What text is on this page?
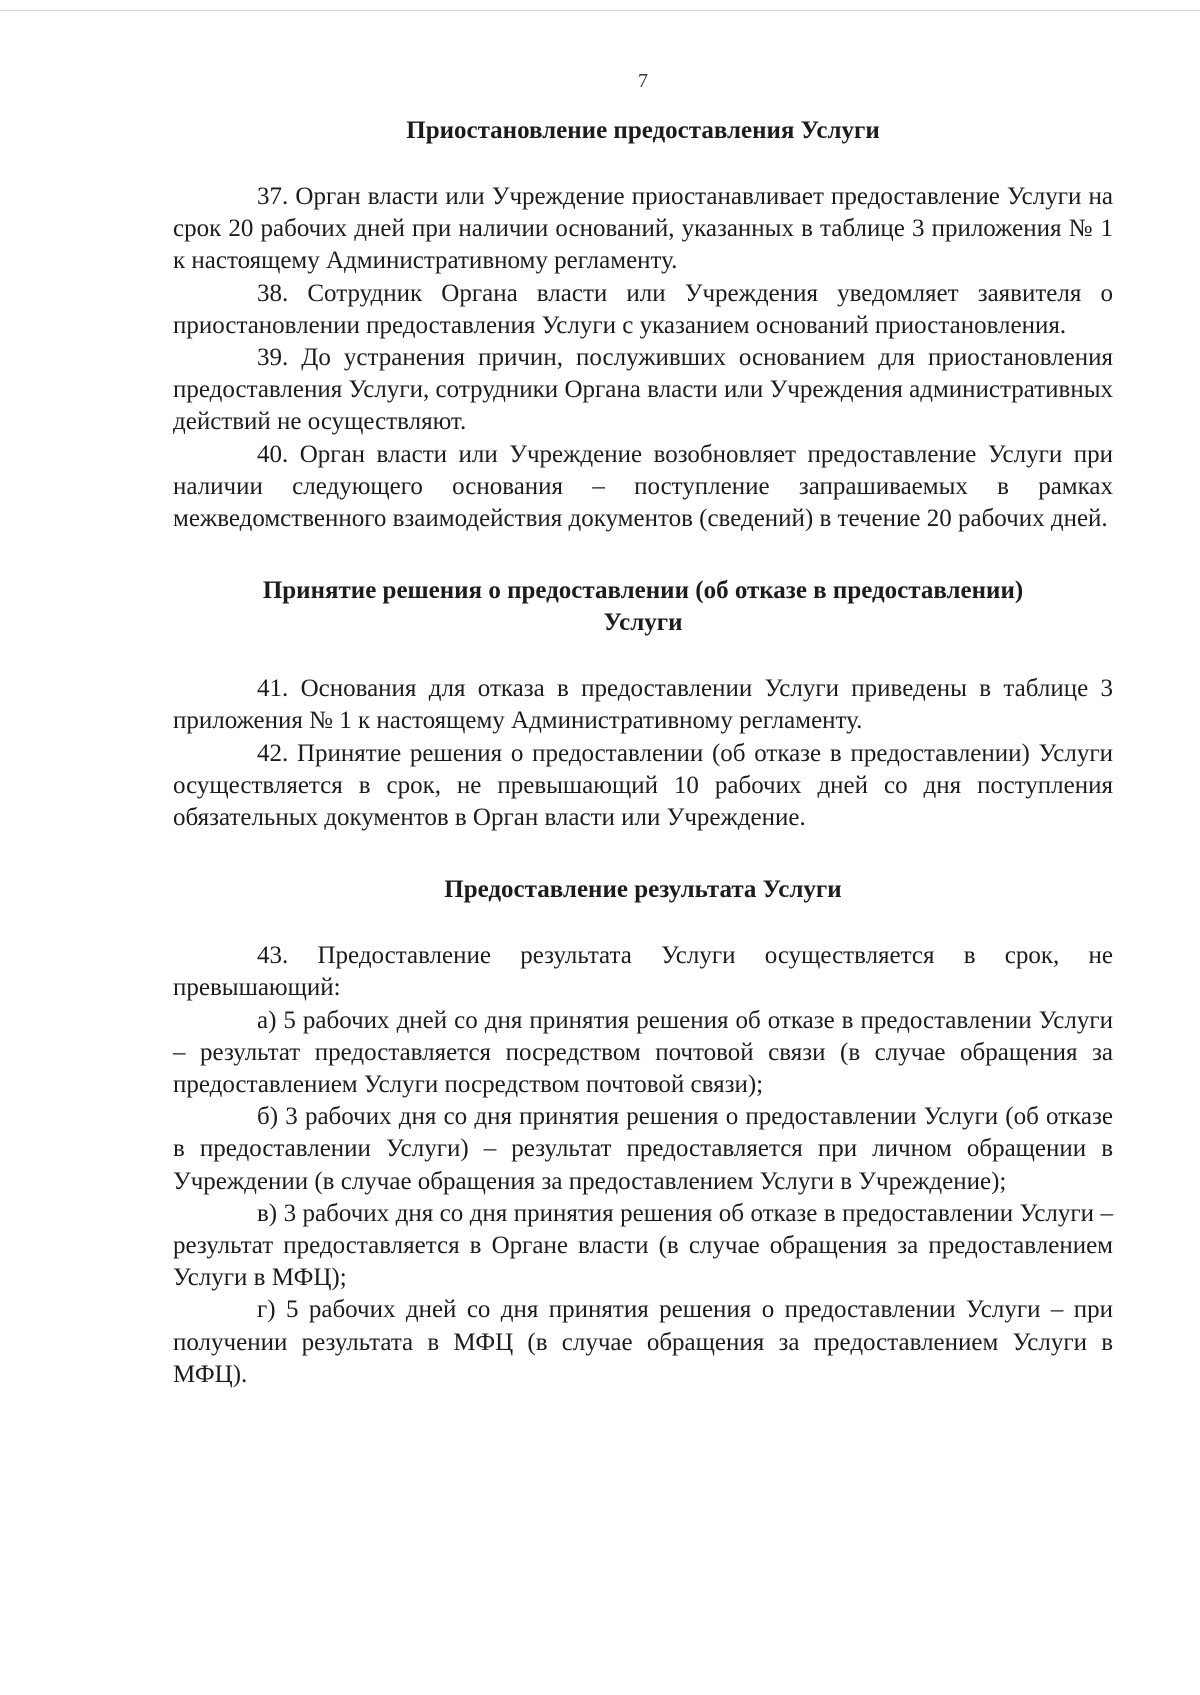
7
Приостановление предоставления Услуги

37. Орган власти или Учреждение приостанавливает предоставление Услуги на срок 20 рабочих дней при наличии оснований, указанных в таблице 3 приложения № 1 к настоящему Административному регламенту.

38. Сотрудник Органа власти или Учреждения уведомляет заявителя о приостановлении предоставления Услуги с указанием оснований приостановления.

39. До устранения причин, послуживших основанием для приостановления предоставления Услуги, сотрудники Органа власти или Учреждения административных действий не осуществляют.

40. Орган власти или Учреждение возобновляет предоставление Услуги при наличии следующего основания – поступление запрашиваемых в рамках межведомственного взаимодействия документов (сведений) в течение 20 рабочих дней.

Принятие решения о предоставлении (об отказе в предоставлении)
Услуги

41. Основания для отказа в предоставлении Услуги приведены в таблице 3 приложения № 1 к настоящему Административному регламенту.

42. Принятие решения о предоставлении (об отказе в предоставлении) Услуги осуществляется в срок, не превышающий 10 рабочих дней со дня поступления обязательных документов в Орган власти или Учреждение.

Предоставление результата Услуги

43. Предоставление результата Услуги осуществляется в срок, не превышающий:

а) 5 рабочих дней со дня принятия решения об отказе в предоставлении Услуги – результат предоставляется посредством почтовой связи (в случае обращения за предоставлением Услуги посредством почтовой связи);

б) 3 рабочих дня со дня принятия решения о предоставлении Услуги (об отказе в предоставлении Услуги) – результат предоставляется при личном обращении в Учреждении (в случае обращения за предоставлением Услуги в Учреждение);

в) 3 рабочих дня со дня принятия решения об отказе в предоставлении Услуги – результат предоставляется в Органе власти (в случае обращения за предоставлением Услуги в МФЦ);

г) 5 рабочих дней со дня принятия решения о предоставлении Услуги – при получении результата в МФЦ (в случае обращения за предоставлением Услуги в МФЦ).
